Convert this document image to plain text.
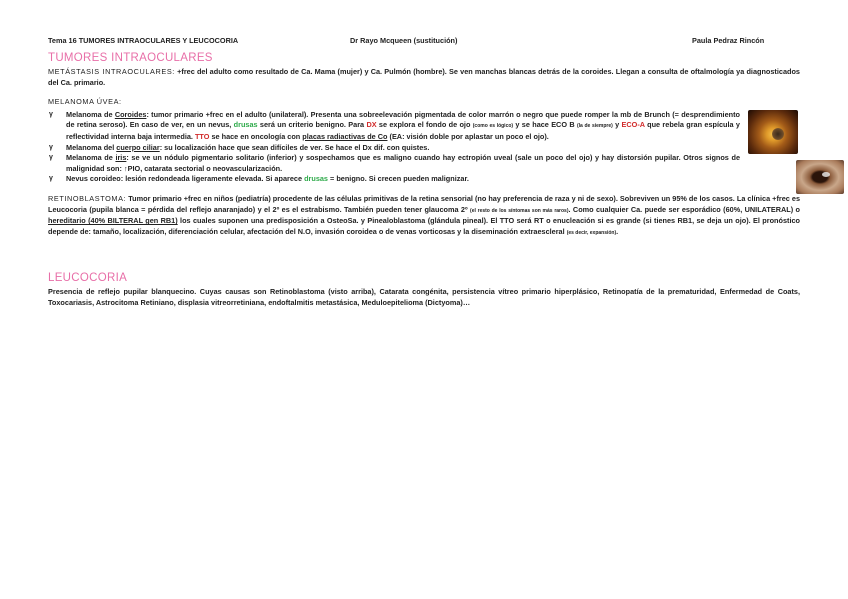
Tema 16 TUMORES INTRAOCULARES Y LEUCOCORIA	Dr Rayo Mcqueen (sustitución)	Paula Pedraz Rincón
TUMORES INTRAOCULARES

METÁSTASIS INTRAOCULARES: +frec del adulto como resultado de Ca. Mama (mujer) y Ca. Pulmón (hombre). Se ven manchas blancas detrás de la coroides. Llegan a consulta de oftalmología ya diagnosticados del Ca. primario.

MELANOMA ÚVEA:

γ Melanoma de Coroides: tumor primario +frec en el adulto (unilateral). Presenta una sobreelevación pigmentada de color marrón o negro que puede romper la mb de Brunch (= desprendimiento de retina seroso). En caso de ver, en un nevus, drusas será un criterio benigno. Para DX se explora el fondo de ojo (como es lógico) y se hace ECO B (la de siempre) y ECO-A que rebela gran espícula y reflectividad interna baja intermedia. TTO se hace en oncología con placas radiactivas de Co (EA: visión doble por aplastar un poco el ojo).
γ Melanoma del cuerpo ciliar: su localización hace que sean difíciles de ver. Se hace el Dx dif. con quistes.
γ Melanoma de iris: se ve un nódulo pigmentario solitario (inferior) y sospechamos que es maligno cuando hay ectropión uveal (sale un poco del ojo) y hay distorsión pupilar. Otros signos de malignidad son: ↑PIO, catarata sectorial o neovascularización.
γ Nevus coroideo: lesión redondeada ligeramente elevada. Si aparece drusas = benigno. Si crecen pueden malignizar.

RETINOBLASTOMA: Tumor primario +frec en niños (pediatría) procedente de las células primitivas de la retina sensorial (no hay preferencia de raza y ni de sexo). Sobreviven un 95% de los casos. La clínica +frec es Leucocoria (pupila blanca = pérdida del reflejo anaranjado) y el 2º es el estrabismo. También pueden tener glaucoma 2º (el resto de los síntomas son más raros). Como cualquier Ca. puede ser esporádico (60%, UNILATERAL) o hereditario (40% BILTERAL gen RB1) los cuales suponen una predisposición a OsteoSa. y Pinealoblastoma (glándula pineal). El TTO será RT o enucleación si es grande (si tienes RB1, se deja un ojo). El pronóstico depende de: tamaño, localización, diferenciación celular, afectación del N.O, invasión coroidea o de venas vorticosas y la diseminación extraescleral (es decir, expansión).

LEUCOCORIA

Presencia de reflejo pupilar blanquecino. Cuyas causas son Retinoblastoma (visto arriba), Catarata congénita, persistencia vítreo primario hiperplásico, Retinopatía de la prematuridad, Enfermedad de Coats, Toxocariasis, Astrocitoma Retiniano, displasia vitreorretiniana, endoftalmitis metastásica, Meduloepitelioma (Dictyoma)…
